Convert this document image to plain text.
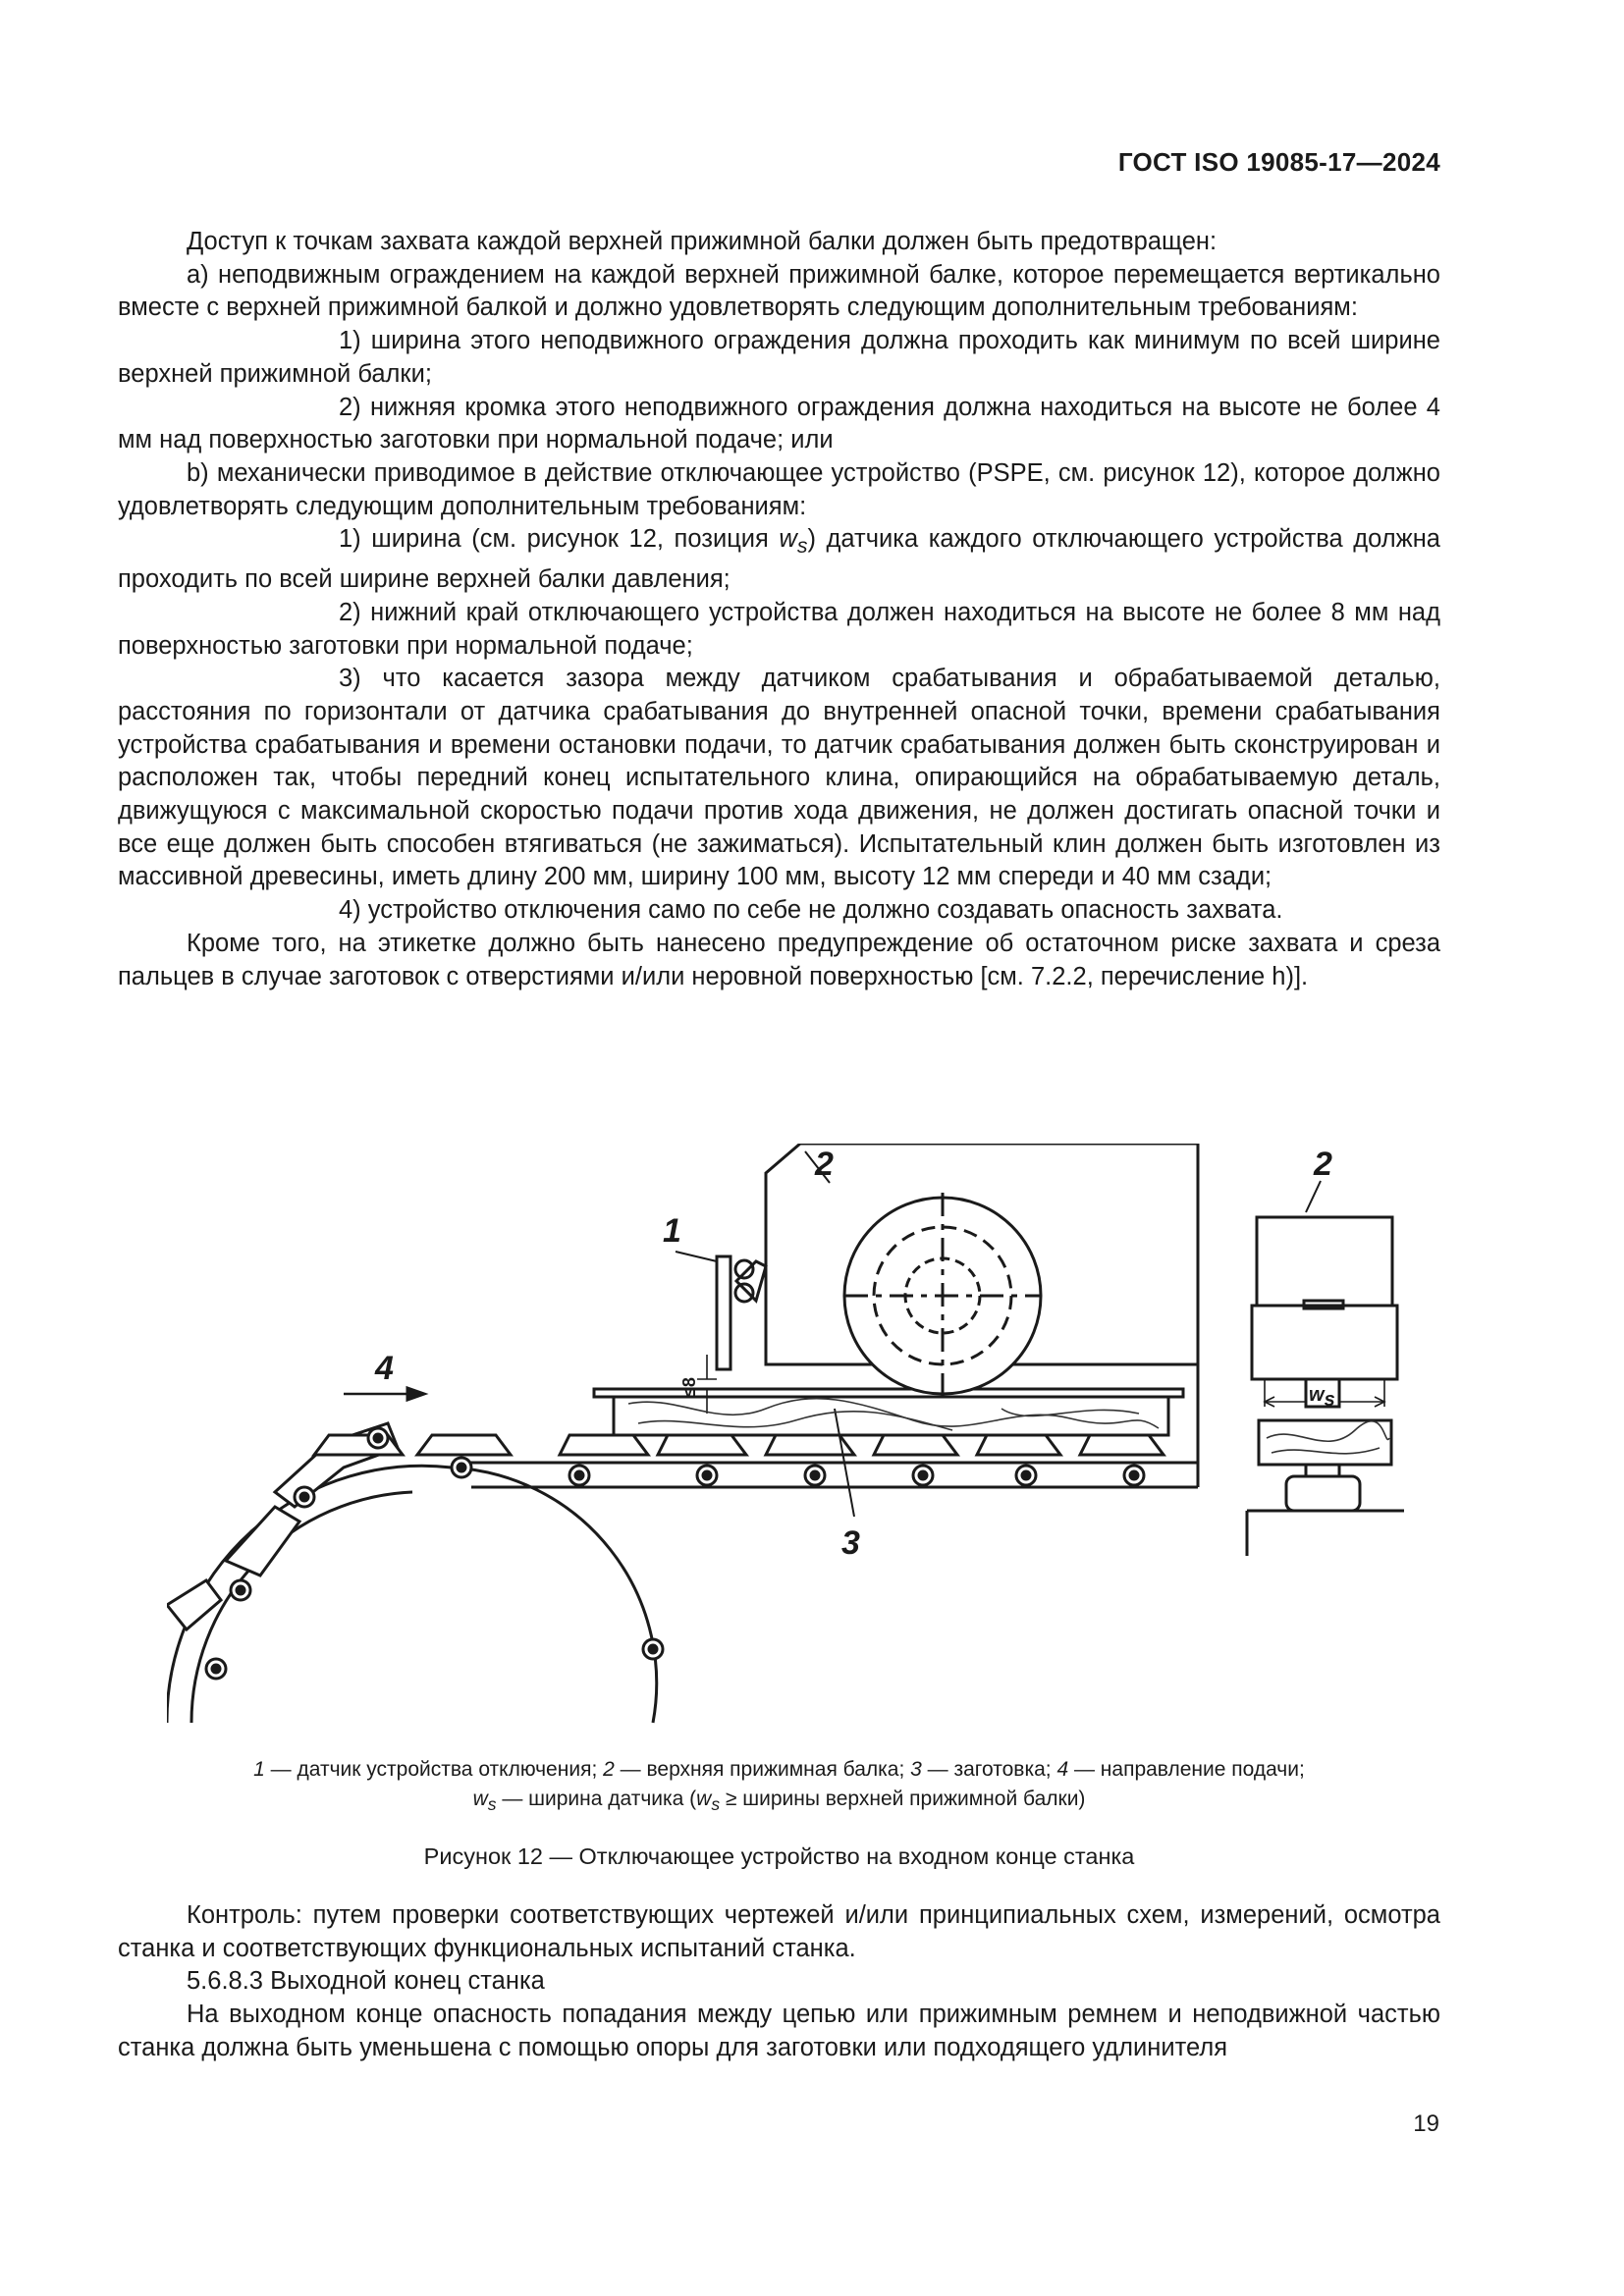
ГОСТ ISO 19085-17—2024

Доступ к точкам захвата каждой верхней прижимной балки должен быть предотвращен:

a) неподвижным ограждением на каждой верхней прижимной балке, которое перемещается вертикально вместе с верхней прижимной балкой и должно удовлетворять следующим дополнительным требованиям:

1) ширина этого неподвижного ограждения должна проходить как минимум по всей ширине верхней прижимной балки;

2) нижняя кромка этого неподвижного ограждения должна находиться на высоте не более 4 мм над поверхностью заготовки при нормальной подаче; или

b) механически приводимое в действие отключающее устройство (PSPE, см. рисунок 12), которое должно удовлетворять следующим дополнительным требованиям:

1) ширина (см. рисунок 12, позиция $w_s$) датчика каждого отключающего устройства должна проходить по всей ширине верхней балки давления;

2) нижний край отключающего устройства должен находиться на высоте не более 8 мм над поверхностью заготовки при нормальной подаче;

3) что касается зазора между датчиком срабатывания и обрабатываемой деталью, расстояния по горизонтали от датчика срабатывания до внутренней опасной точки, времени срабатывания устройства срабатывания и времени остановки подачи, то датчик срабатывания должен быть сконструирован и расположен так, чтобы передний конец испытательного клина, опирающийся на обрабатываемую деталь, движущуюся с максимальной скоростью подачи против хода движения, не должен достигать опасной точки и все еще должен быть способен втягиваться (не зажиматься). Испытательный клин должен быть изготовлен из массивной древесины, иметь длину 200 мм, ширину 100 мм, высоту 12 мм спереди и 40 мм сзади;

4) устройство отключения само по себе не должно создавать опасность захвата.

Кроме того, на этикетке должно быть нанесено предупреждение об остаточном риске захвата и среза пальцев в случае заготовок с отверстиями и/или неровной поверхностью [см. 7.2.2, перечисление h)].

1
2	2
3
4
≤8	ws
1 — датчик устройства отключения; 2 — верхняя прижимная балка; 3 — заготовка; 4 — направление подачи;
$w_s$ — ширина датчика ($w_s$ ≥ ширины верхней прижимной балки)
Рисунок 12 — Отключающее устройство на входном конце станка

Контроль: путем проверки соответствующих чертежей и/или принципиальных схем, измерений, осмотра станка и соответствующих функциональных испытаний станка.

5.6.8.3 Выходной конец станка

На выходном конце опасность попадания между цепью или прижимным ремнем и неподвижной частью станка должна быть уменьшена с помощью опоры для заготовки или подходящего удлинителя

19
